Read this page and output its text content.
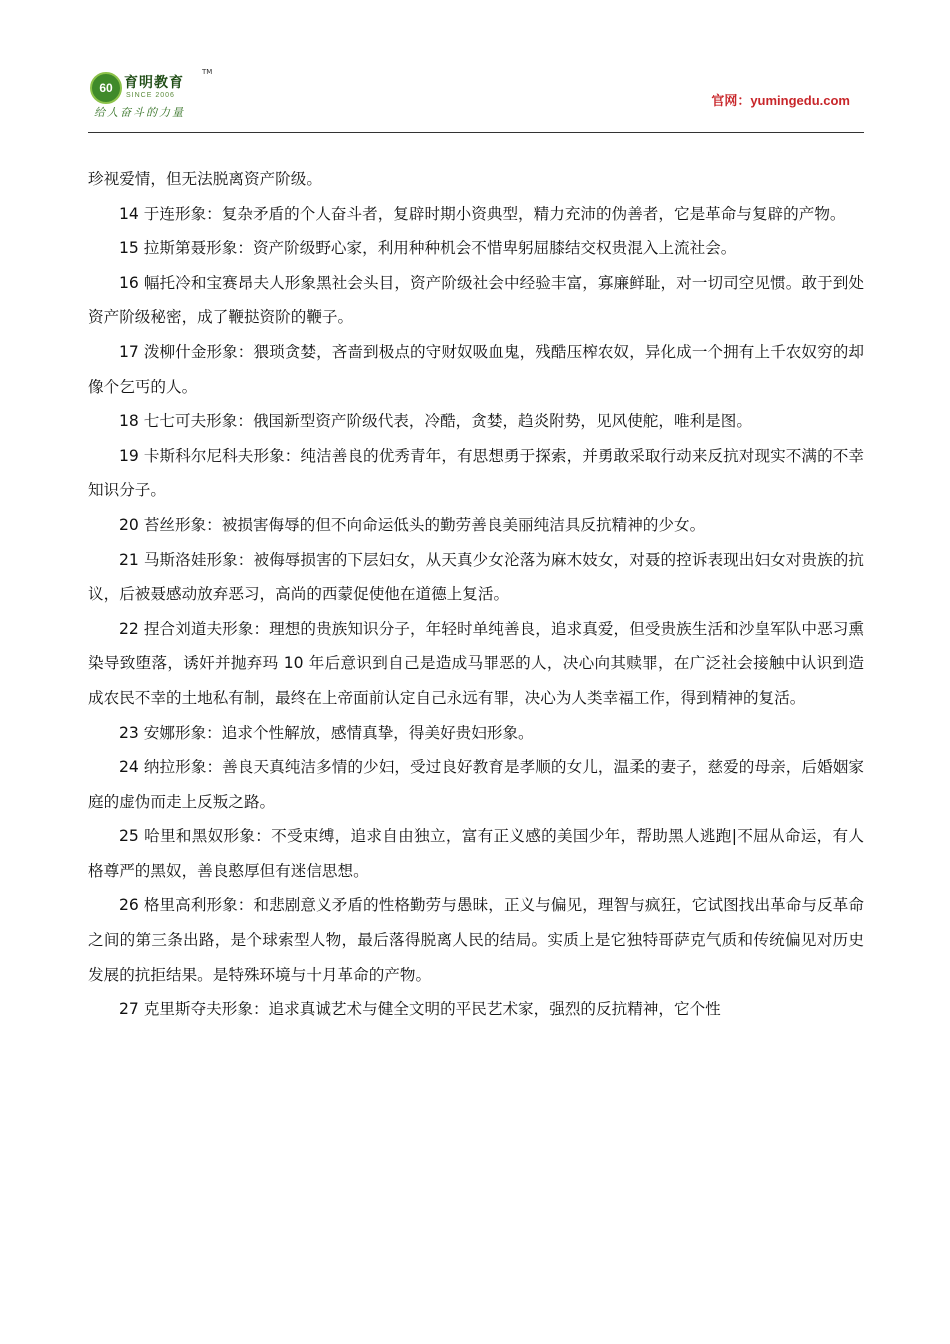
60 育明教育
TM
SINCE 2006
给人奋斗的力量
官网：yumingedu.com

珍视爱情，但无法脱离资产阶级。

14 于连形象：复杂矛盾的个人奋斗者，复辟时期小资典型，精力充沛的伪善者，它是革命与复辟的产物。

15 拉斯第聂形象：资产阶级野心家，利用种种机会不惜卑躬屈膝结交权贵混入上流社会。

16 幅托冷和宝赛昂夫人形象黑社会头目，资产阶级社会中经验丰富，寡廉鲜耻，对一切司空见惯。敢于到处资产阶级秘密，成了鞭挞资阶的鞭子。

17 泼柳什金形象：猥琐贪婪，吝啬到极点的守财奴吸血鬼，残酷压榨农奴，异化成一个拥有上千农奴穷的却像个乞丐的人。

18 七七可夫形象：俄国新型资产阶级代表，冷酷，贪婪，趋炎附势，见风使舵，唯利是图。

19 卡斯科尔尼科夫形象：纯洁善良的优秀青年，有思想勇于探索，并勇敢采取行动来反抗对现实不满的不幸知识分子。

20 苔丝形象：被损害侮辱的但不向命运低头的勤劳善良美丽纯洁具反抗精神的少女。

21 马斯洛娃形象：被侮辱损害的下层妇女，从天真少女沦落为麻木妓女，对聂的控诉表现出妇女对贵族的抗议，后被聂感动放弃恶习，高尚的西蒙促使他在道德上复活。

22 捏合刘道夫形象：理想的贵族知识分子，年轻时单纯善良，追求真爱，但受贵族生活和沙皇军队中恶习熏染导致堕落，诱奸并抛弃玛 10 年后意识到自己是造成马罪恶的人，决心向其赎罪，在广泛社会接触中认识到造成农民不幸的土地私有制，最终在上帝面前认定自己永远有罪，决心为人类幸福工作，得到精神的复活。

23 安娜形象：追求个性解放，感情真挚，得美好贵妇形象。

24 纳拉形象：善良天真纯洁多情的少妇，受过良好教育是孝顺的女儿，温柔的妻子，慈爱的母亲，后婚姻家庭的虚伪而走上反叛之路。

25 哈里和黑奴形象：不受束缚，追求自由独立，富有正义感的美国少年，帮助黑人逃跑|不屈从命运，有人格尊严的黑奴，善良憨厚但有迷信思想。

26 格里高利形象：和悲剧意义矛盾的性格勤劳与愚昧，正义与偏见，理智与疯狂，它试图找出革命与反革命之间的第三条出路，是个球索型人物，最后落得脱离人民的结局。实质上是它独特哥萨克气质和传统偏见对历史发展的抗拒结果。是特殊环境与十月革命的产物。

27 克里斯夺夫形象：追求真诚艺术与健全文明的平民艺术家，强烈的反抗精神，它个性
